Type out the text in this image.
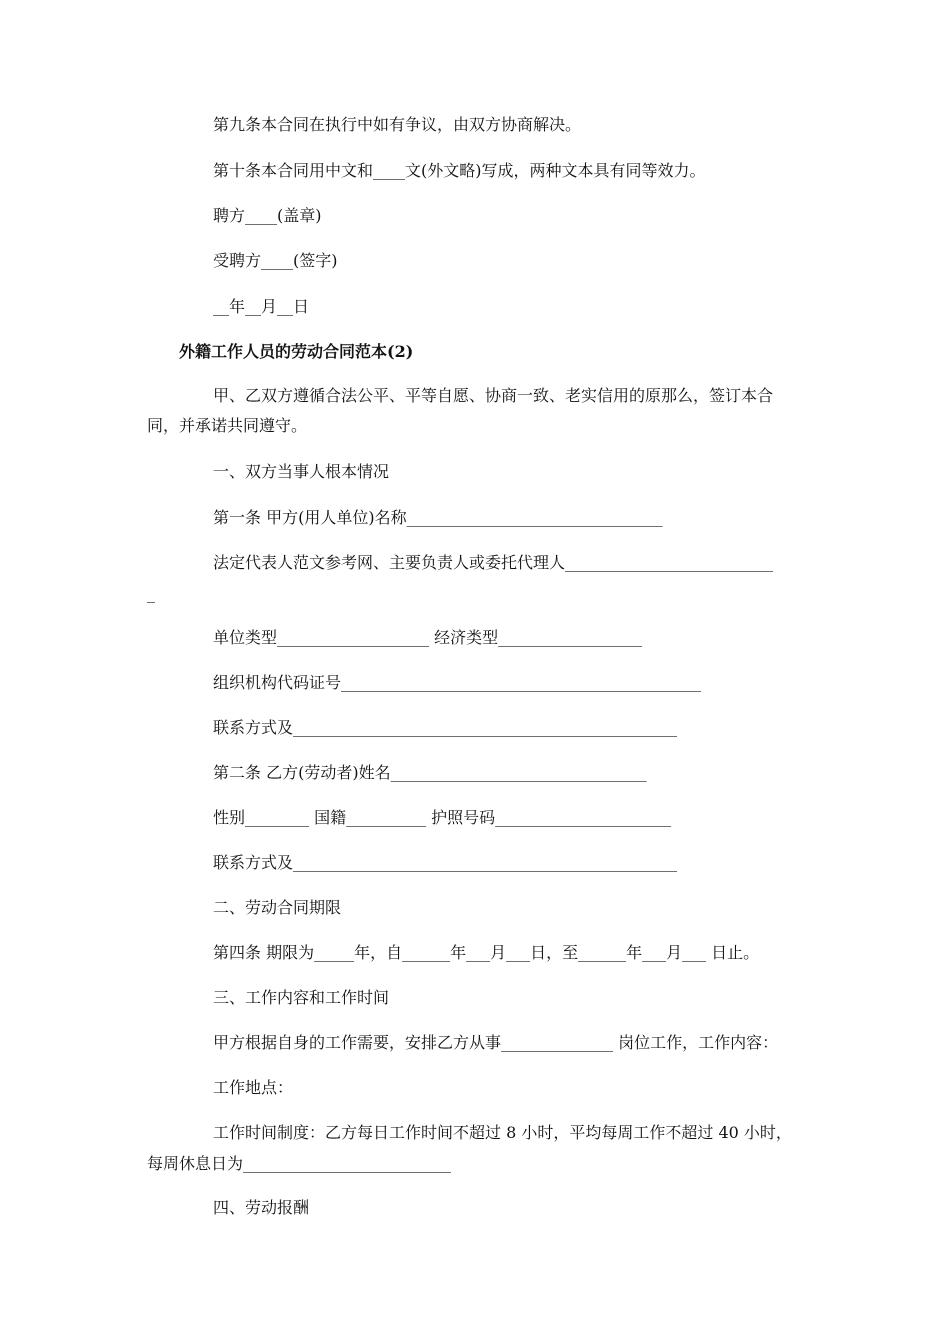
第九条本合同在执行中如有争议，由双方协商解决。
第十条本合同用中文和____文(外文略)写成，两种文本具有同等效力。
聘方____(盖章)
受聘方____(签字)
__年__月__日
外籍工作人员的劳动合同范本(2)
甲、乙双方遵循合法公平、平等自愿、协商一致、老实信用的原那么，签订本合
同，并承诺共同遵守。
一、双方当事人根本情况
第一条 甲方(用人单位)名称________________________________
法定代表人范文参考网、主要负责人或委托代理人__________________________
_
单位类型___________________ 经济类型__________________
组织机构代码证号_____________________________________________
联系方式及________________________________________________
第二条 乙方(劳动者)姓名________________________________
性别________ 国籍__________ 护照号码______________________
联系方式及________________________________________________
二、劳动合同期限
第四条 期限为_____年，自______年___月___日，至______年___月___ 日止。
三、工作内容和工作时间
甲方根据自身的工作需要，安排乙方从事______________ 岗位工作，工作内容：
工作地点：
工作时间制度：乙方每日工作时间不超过 8 小时，平均每周工作不超过 40 小时，
每周休息日为__________________________
四、劳动报酬
